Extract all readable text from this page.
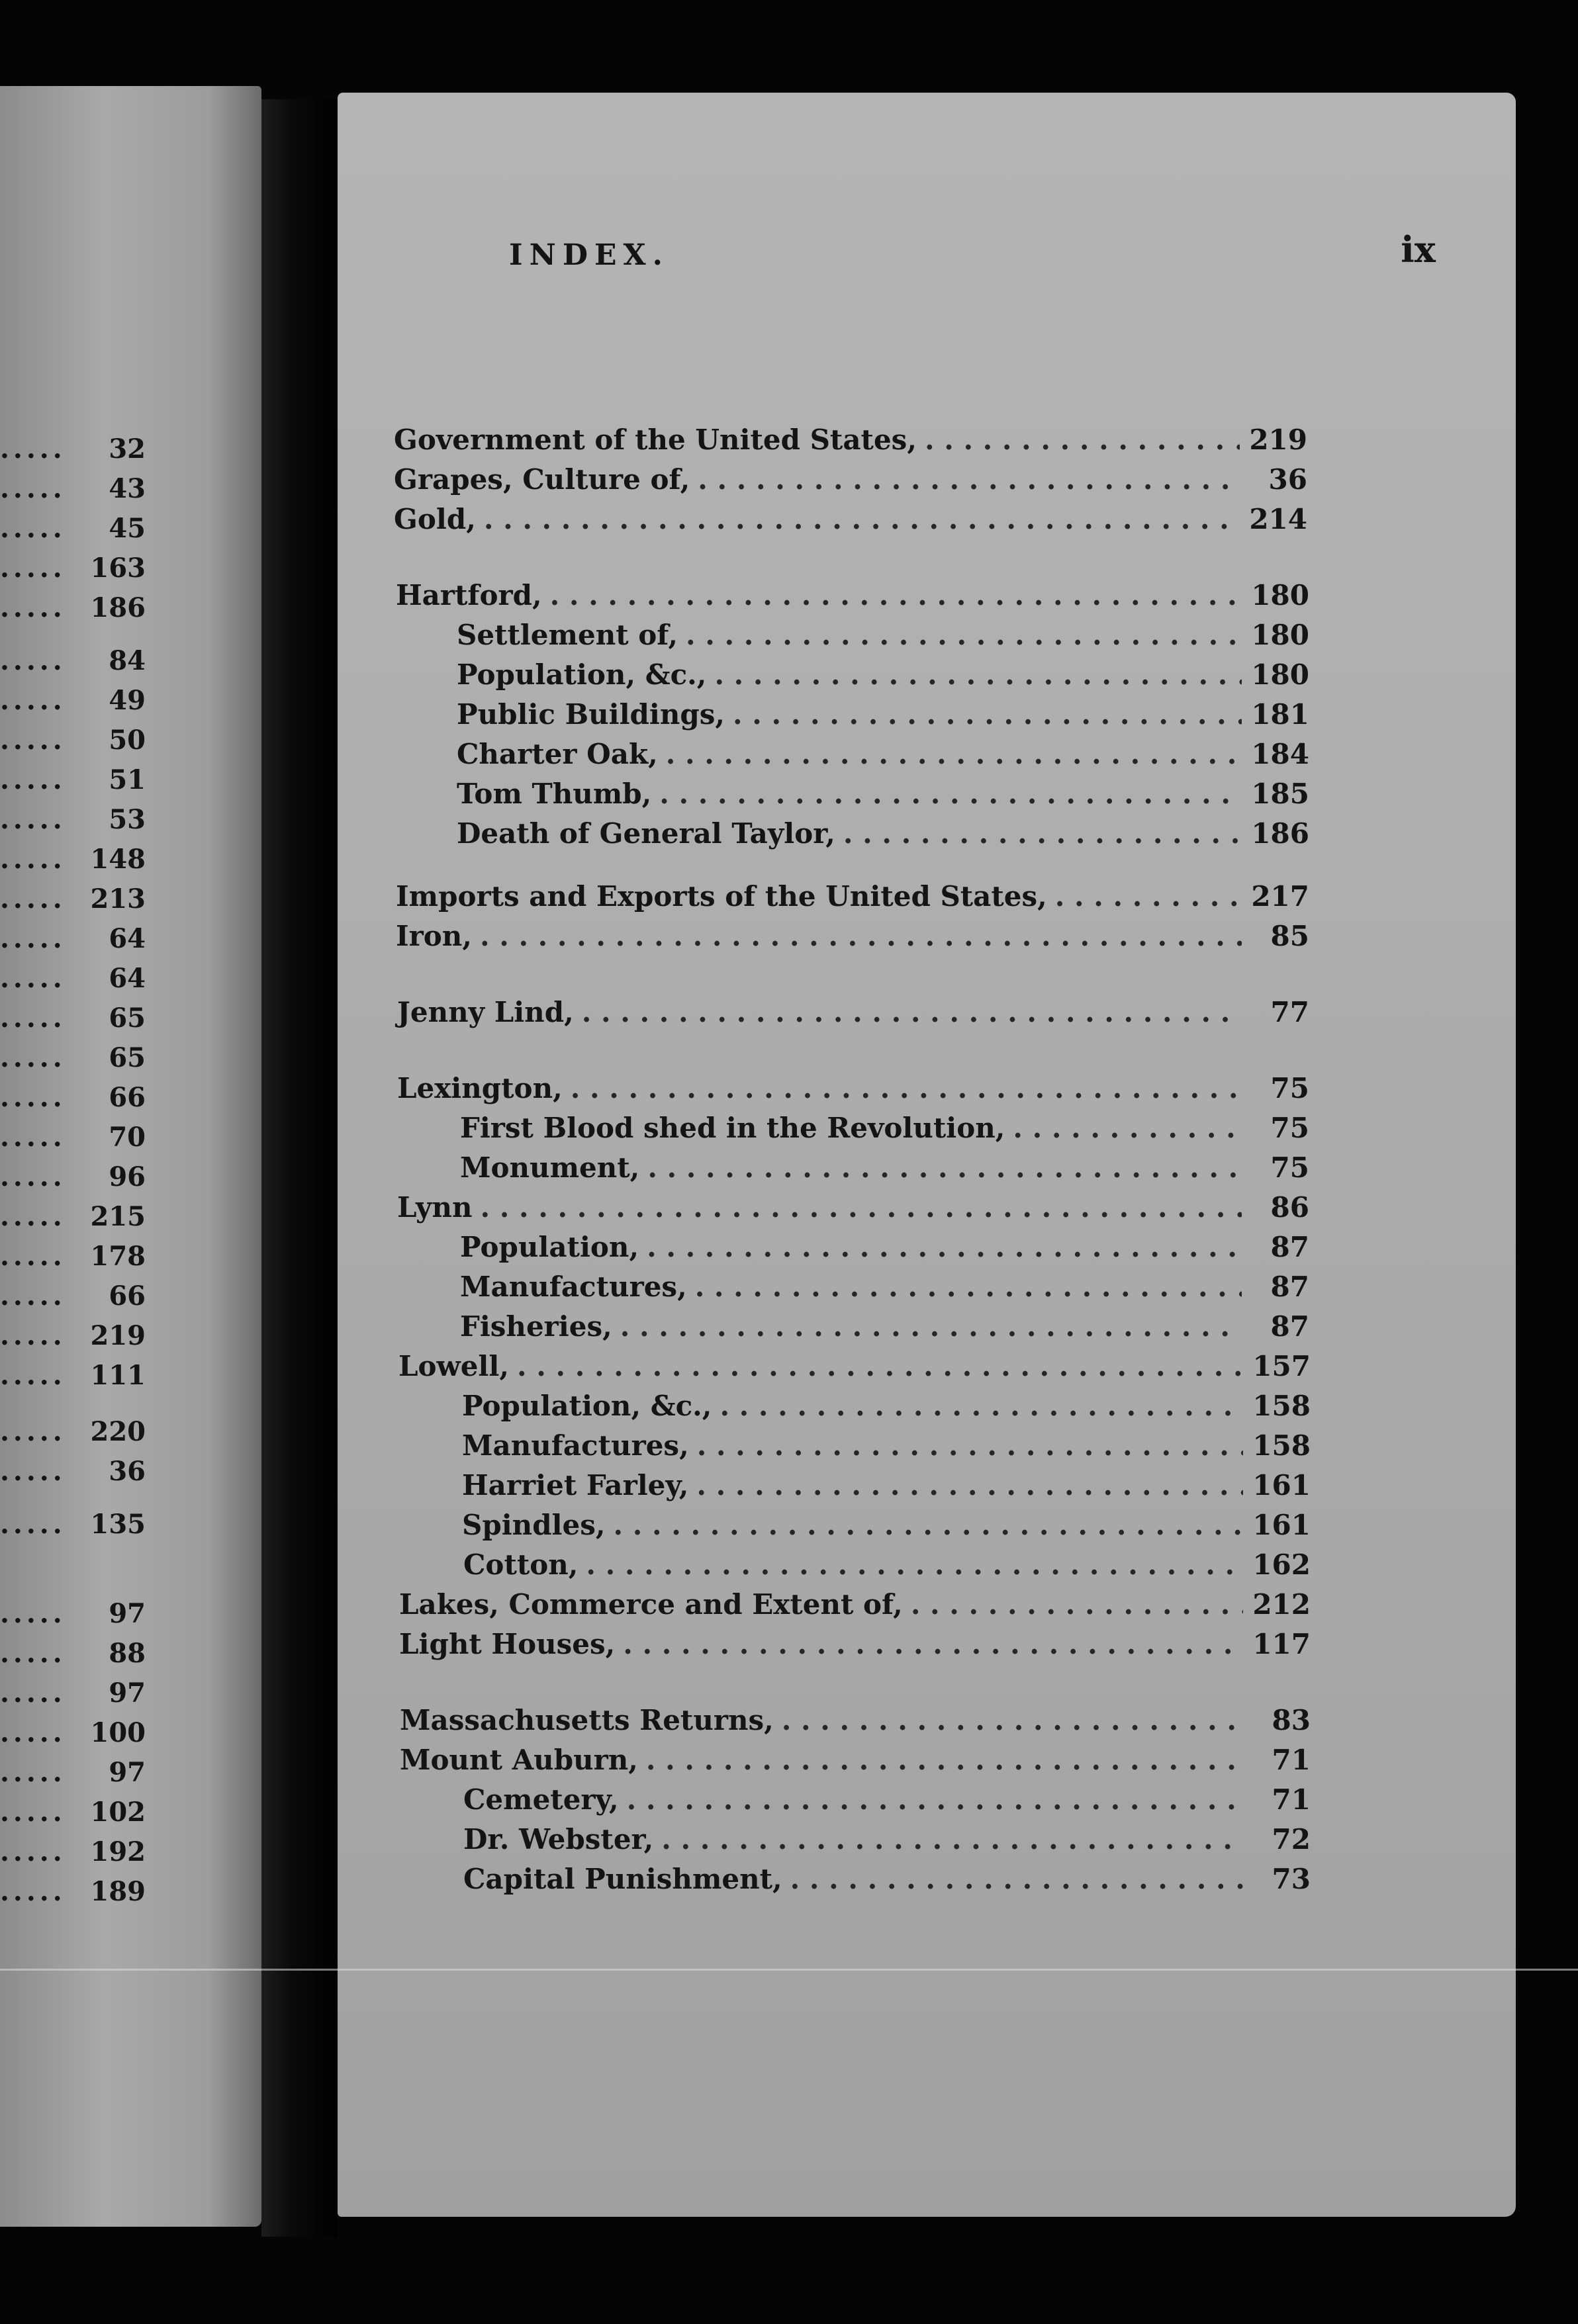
..... 32
..... 43
..... 45
..... 163
..... 186
..... 84
..... 49
..... 50
..... 51
..... 53
..... 148
..... 213
..... 64
..... 64
..... 65
..... 65
..... 66
..... 70
..... 96
..... 215
..... 178
..... 66
..... 219
..... 111
..... 220
..... 36
..... 135
..... 97
..... 88
..... 97
..... 100
..... 97
..... 102
..... 192
..... 189
INDEX.	ix
Government of the United States, . . .	219
Grapes, Culture of, . . .	36
Gold, . . .	214
Hartford, . . .	180
Settlement of, . . .	180
Population, &c., . . .	180
Public Buildings, . . .	181
Charter Oak, . . .	184
Tom Thumb, . . .	185
Death of General Taylor, . . .	186
Imports and Exports of the United States, . . .	217
Iron, . . .	85
Jenny Lind, . . .	77
Lexington, . . .	75
First Blood shed in the Revolution, . . .	75
Monument, . . .	75
Lynn . . .	86
Population, . . .	87
Manufactures, . . .	87
Fisheries, . . .	87
Lowell, . . .	157
Population, &c., . . .	158
Manufactures, . . .	158
Harriet Farley, . . .	161
Spindles, . . .	161
Cotton, . . .	162
Lakes, Commerce and Extent of, . . .	212
Light Houses, . . .	117
Massachusetts Returns, . . .	83
Mount Auburn, . . .	71
Cemetery, . . .	71
Dr. Webster, . . .	72
Capital Punishment, . . .	73
